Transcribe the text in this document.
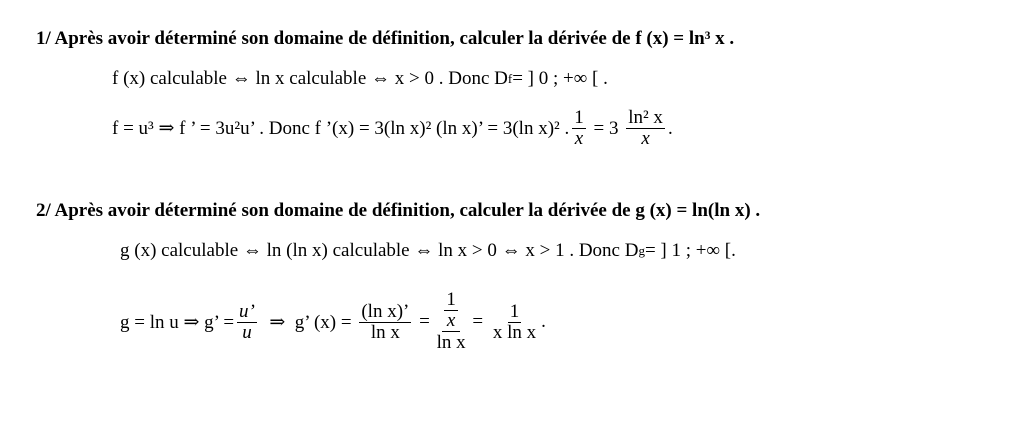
1/ Après avoir déterminé son domaine de définition, calculer la dérivée de f (x) = ln³ x .
f (x) calculable ⇔ ln x calculable ⇔ x > 0 . Donc D f = ] 0 ; +∞ [ .
f = u³ ⇒ f ’ = 3u²u’ . Donc f ’(x) = 3(ln x)² (ln x)’ = 3(ln x)² . $\frac{1}{x} = 3 \frac{\text{ln² x}}{x}$ .
2/ Après avoir déterminé son domaine de définition, calculer la dérivée de g (x) = ln(ln x) .
g (x) calculable ⇔ ln (ln x) calculable ⇔ ln x > 0 ⇔ x > 1 . Donc D g = ] 1 ; +∞ [.
g = ln u ⇒ g’ = $\frac{u’}{u}$ ⇒  g’ $(x) = \frac{\text{(ln x)’}}{\text{ln x}} = \frac{\frac{1}{x}}{\text{ln x}} = \frac{1}{\text{x ln x}}$ .
